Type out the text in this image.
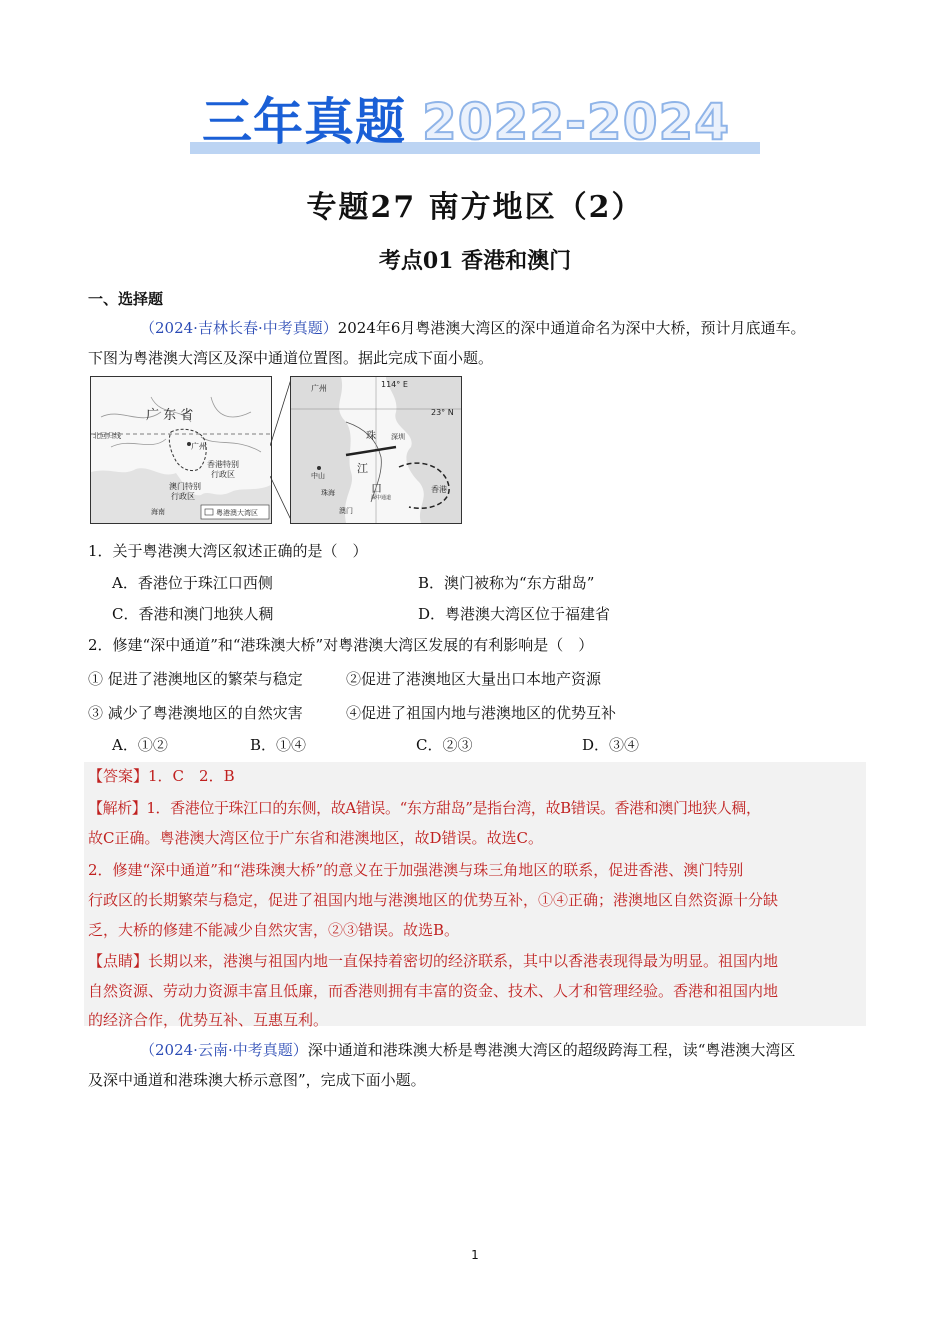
三年真题 2022-2024
专题27 南方地区（2）
考点01 香港和澳门
一、选择题
（2024·吉林长春·中考真题）2024年6月粤港澳大湾区的深中通道命名为深中大桥，预计月底通车。
下图为粤港澳大湾区及深中通道位置图。据此完成下面小题。
广 东 省
北回归线
广州
香港特别
行政区
澳门特别
行政区
海南	粤港澳大湾区
广州	114° E
23° N
珠
江
口
中山
深圳
珠海
澳门
香港
深中通道
1．关于粤港澳大湾区叙述正确的是（　）
A．香港位于珠江口西侧	B．澳门被称为“东方甜岛”
C．香港和澳门地狭人稠	D．粤港澳大湾区位于福建省
2．修建“深中通道”和“港珠澳大桥”对粤港澳大湾区发展的有利影响是（　）
① 促进了港澳地区的繁荣与稳定	②促进了港澳地区大量出口本地产资源
③ 减少了粤港澳地区的自然灾害	④促进了祖国内地与港澳地区的优势互补
A．①②	B．①④	C．②③	D．③④
【答案】1．C　2．B
【解析】1．香港位于珠江口的东侧，故A错误。“东方甜岛”是指台湾，故B错误。香港和澳门地狭人稠，
故C正确。粤港澳大湾区位于广东省和港澳地区，故D错误。故选C。
2．修建“深中通道”和“港珠澳大桥”的意义在于加强港澳与珠三角地区的联系，促进香港、澳门特别
行政区的长期繁荣与稳定，促进了祖国内地与港澳地区的优势互补，①④正确；港澳地区自然资源十分缺
乏，大桥的修建不能减少自然灾害，②③错误。故选B。
【点睛】长期以来，港澳与祖国内地一直保持着密切的经济联系，其中以香港表现得最为明显。祖国内地
自然资源、劳动力资源丰富且低廉，而香港则拥有丰富的资金、技术、人才和管理经验。香港和祖国内地
的经济合作，优势互补、互惠互利。
（2024·云南·中考真题）深中通道和港珠澳大桥是粤港澳大湾区的超级跨海工程，读“粤港澳大湾区
及深中通道和港珠澳大桥示意图”，完成下面小题。
1
